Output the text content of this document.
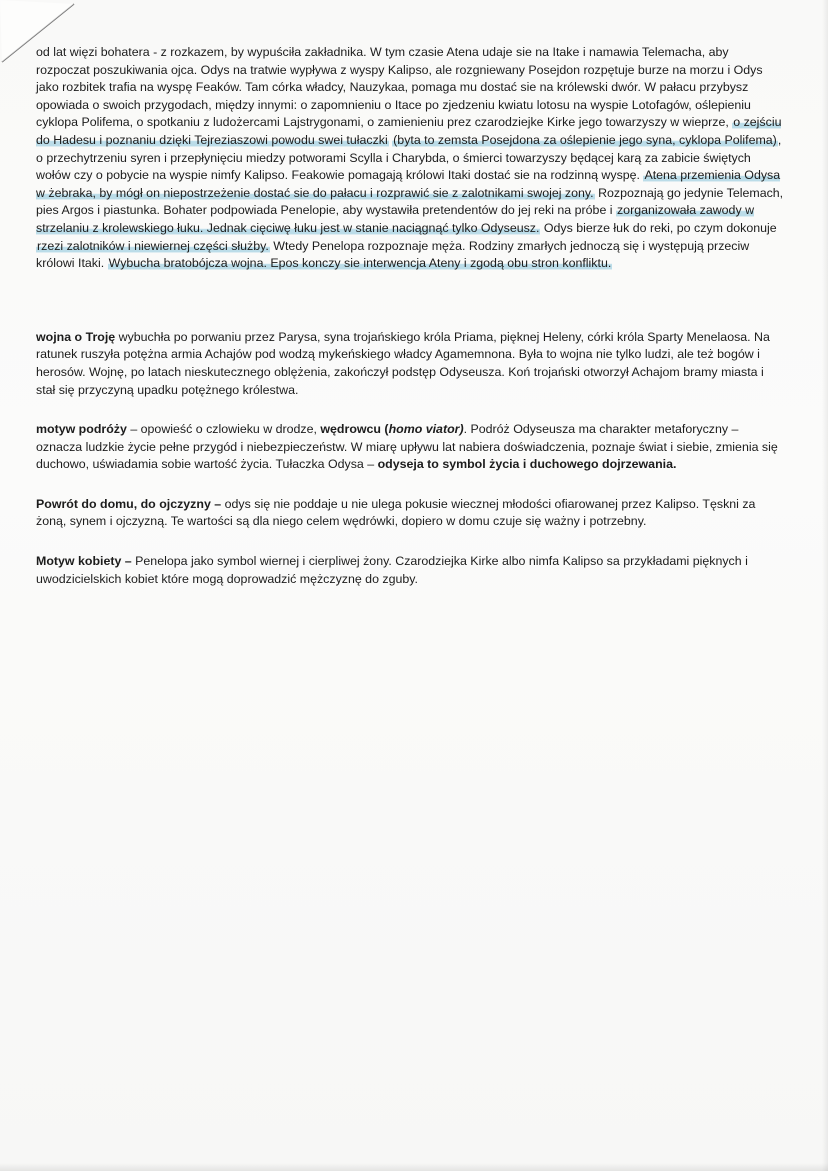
od lat więzi bohatera - z rozkazem, by wypuściła zakładnika. W tym czasie Atena udaje sie na Itake i namawia Telemacha, aby rozpoczat poszukiwania ojca. Odys na tratwie wypływa z wyspy Kalipso, ale rozgniewany Posejdon rozpętuje burze na morzu i Odys jako rozbitek trafia na wyspę Feaków. Tam córka władcy, Nauzykaa, pomaga mu dostać sie na królewski dwór. W pałacu przybysz opowiada o swoich przygodach, między innymi: o zapomnieniu o Itace po zjedzeniu kwiatu lotosu na wyspie Lotofagów, oślepieniu cyklopa Polifema, o spotkaniu z ludożercami Lajstrygonami, o zamienieniu prez czarodziejke Kirke jego towarzyszy w wieprze, o zejściu do Hadesu i poznaniu dzięki Tejreziaszowi powodu swei tułaczki (byta to zemsta Posejdona za oślepienie jego syna, cyklopa Polifema), o przechytrzeniu syren i przepłynięciu miedzy potworami Scylla i Charybda, o śmierci towarzyszy będącej karą za zabicie świętych wołów czy o pobycie na wyspie nimfy Kalipso. Feakowie pomagają królowi Itaki dostać sie na rodzinną wyspę. Atena przemienia Odysa w żebraka, by mógł on niepostrzeżenie dostać sie do pałacu i rozprawić sie z zalotnikami swojej zony. Rozpoznają go jedynie Telemach, pies Argos i piastunka. Bohater podpowiada Penelopie, aby wystawiła pretendentów do jej reki na próbe i zorganizowała zawody w strzelaniu z krolewskiego łuku. Jednak cięciwę łuku jest w stanie naciągnąć tylko Odyseusz. Odys bierze łuk do reki, po czym dokonuje rzezi zalotników i niewiernej części służby. Wtedy Penelopa rozpoznaje męża. Rodziny zmarłych jednoczą się i występują przeciw królowi Itaki. Wybucha bratobójcza wojna. Epos konczy sie interwencja Ateny i zgodą obu stron konfliktu.

wojna o Troję wybuchła po porwaniu przez Parysa, syna trojańskiego króla Priama, pięknej Heleny, córki króla Sparty Menelaosa. Na ratunek ruszyła potężna armia Achajów pod wodzą mykeńskiego władcy Agamemnona. Była to wojna nie tylko ludzi, ale też bogów i herosów. Wojnę, po latach nieskutecznego oblężenia, zakończył podstęp Odyseusza. Koń trojański otworzył Achajom bramy miasta i stał się przyczyną upadku potężnego królestwa.

motyw podróży – opowieść o czlowieku w drodze, wędrowcu (homo viator). Podróż Odyseusza ma charakter metaforyczny – oznacza ludzkie życie pełne przygód i niebezpieczeństw. W miarę upływu lat nabiera doświadczenia, poznaje świat i siebie, zmienia się duchowo, uświadamia sobie wartość życia. Tułaczka Odysa – odyseja to symbol życia i duchowego dojrzewania.

Powrót do domu, do ojczyzny – odys się nie poddaje u nie ulega pokusie wiecznej młodości ofiarowanej przez Kalipso. Tęskni za żoną, synem i ojczyzną. Te wartości są dla niego celem wędrówki, dopiero w domu czuje się ważny i potrzebny.

Motyw kobiety – Penelopa jako symbol wiernej i cierpliwej żony. Czarodziejka Kirke albo nimfa Kalipso sa przykładami pięknych i uwodzicielskich kobiet które mogą doprowadzić mężczyznę do zguby.
